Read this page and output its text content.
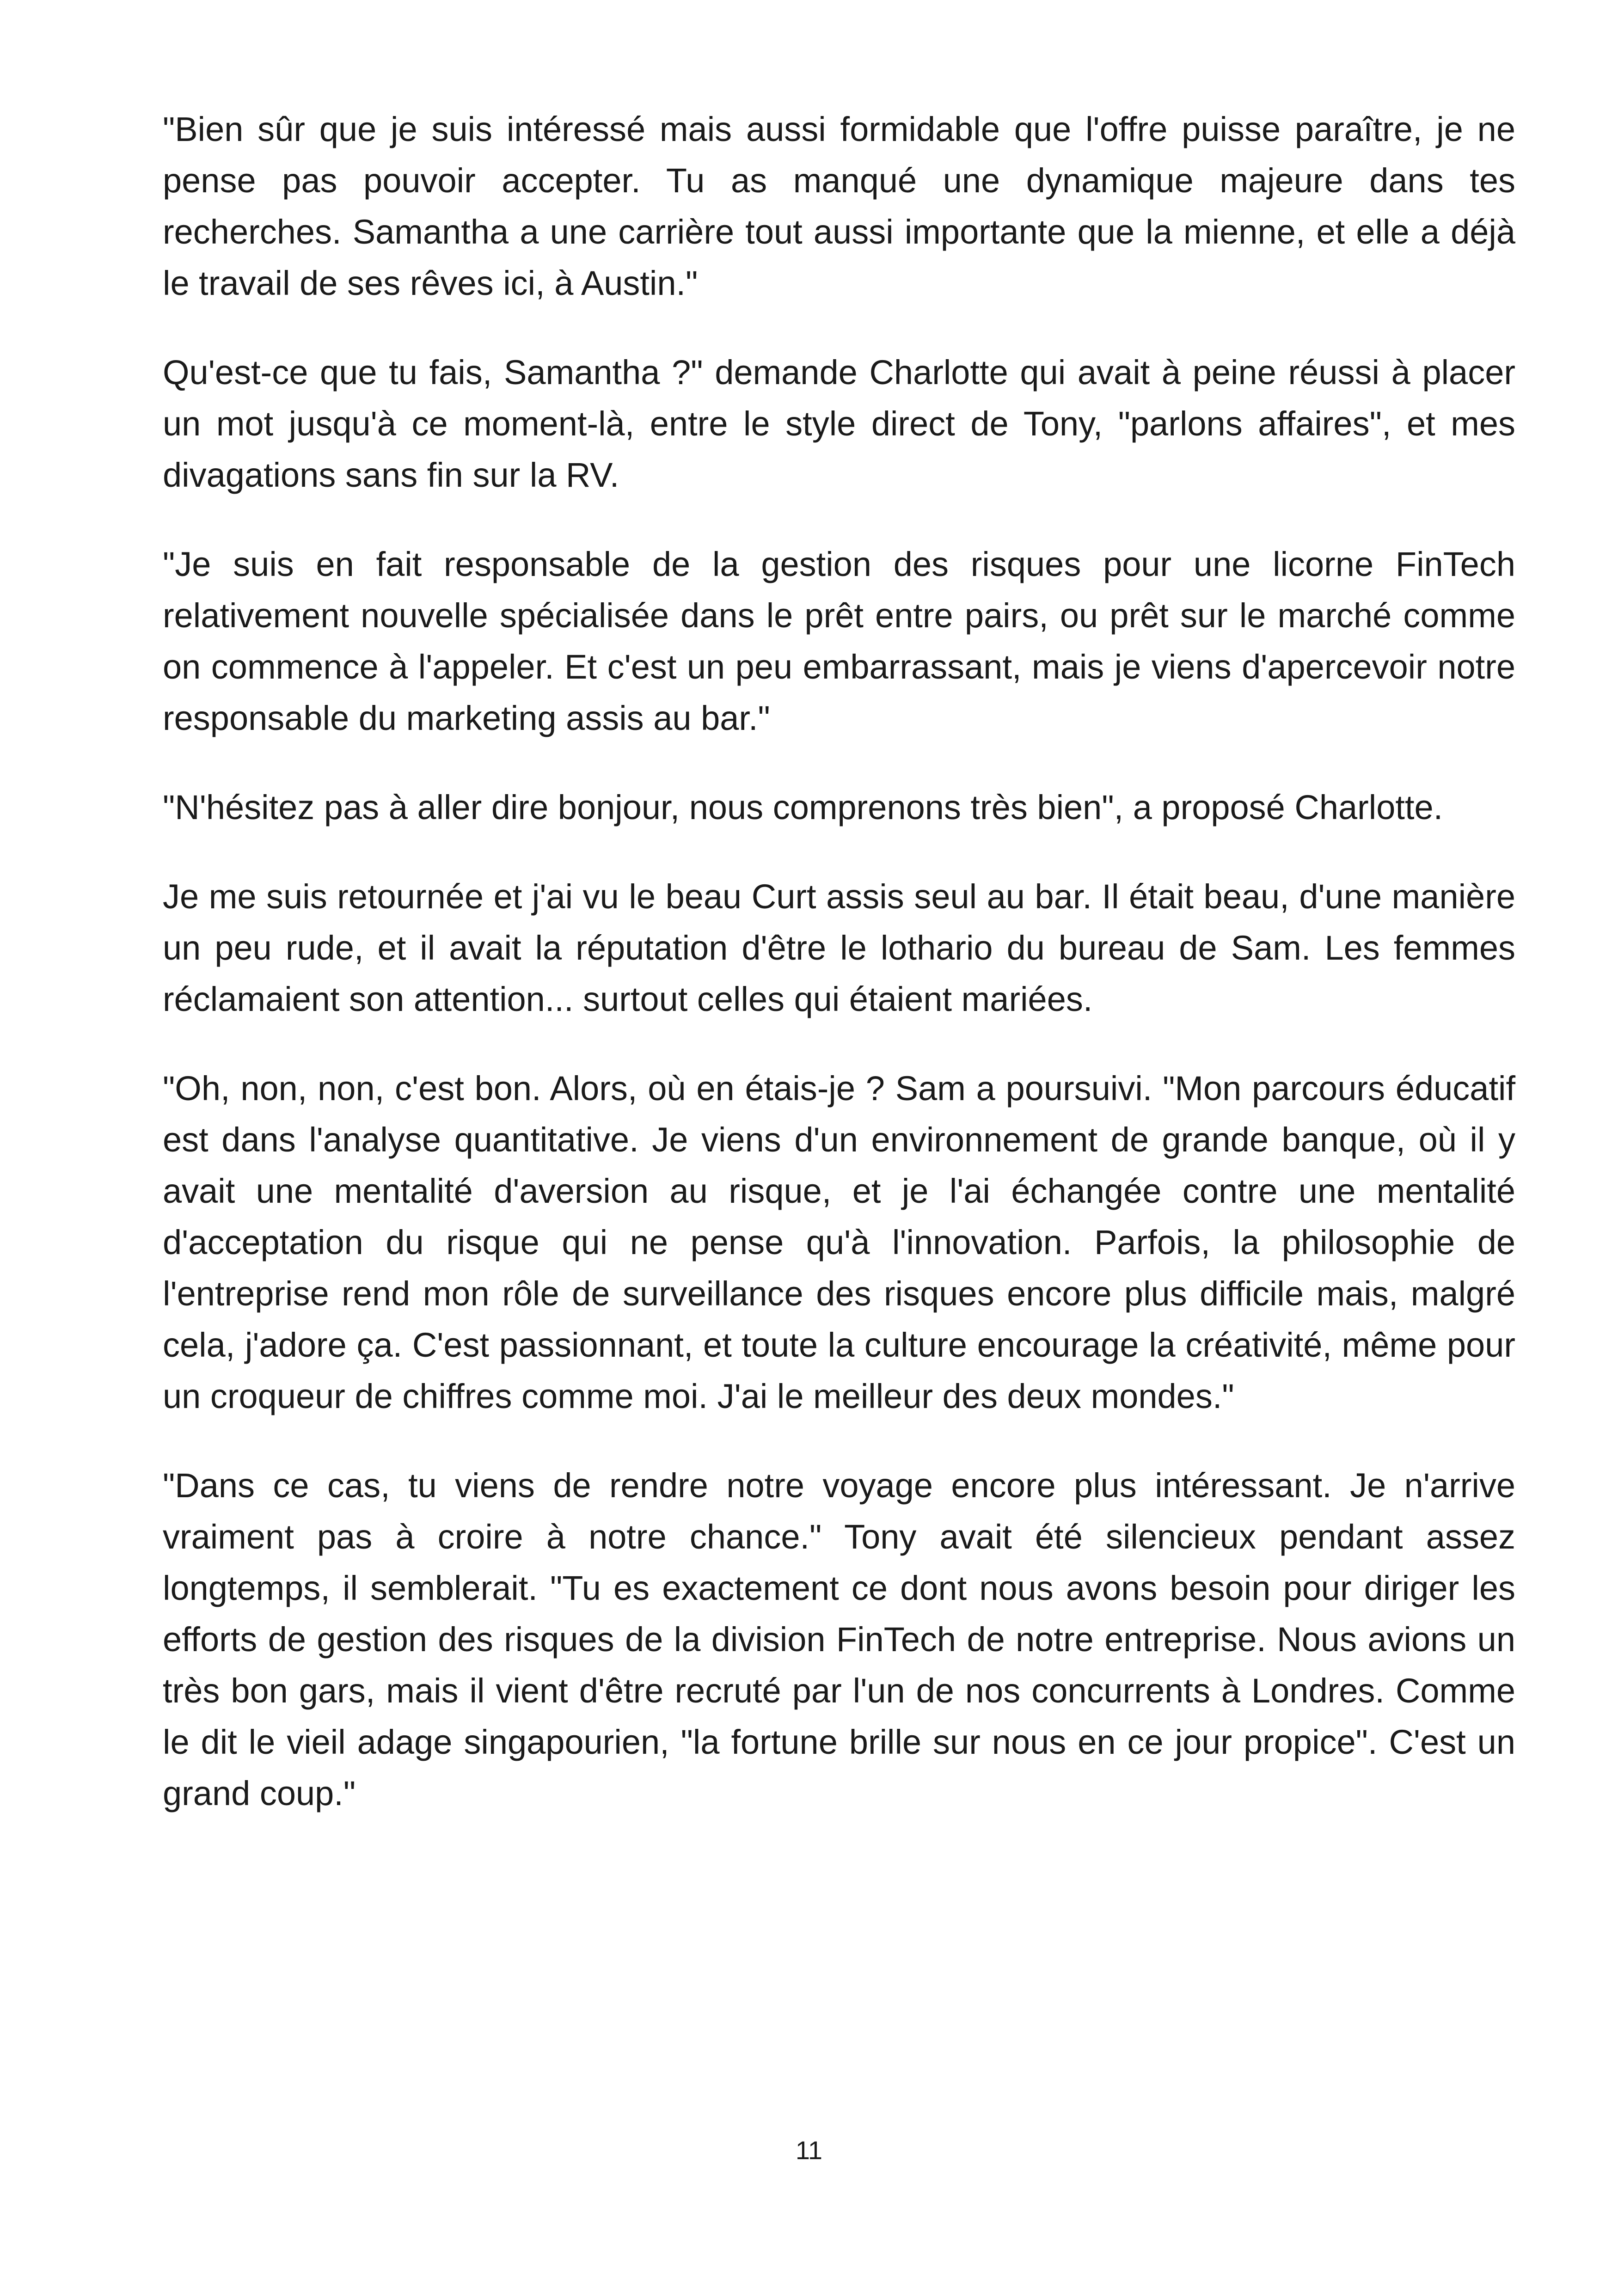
"Bien sûr que je suis intéressé mais aussi formidable que l'offre puisse paraître, je ne pense pas pouvoir accepter. Tu as manqué une dynamique majeure dans tes recherches. Samantha a une carrière tout aussi importante que la mienne, et elle a déjà le travail de ses rêves ici, à Austin."

Qu'est-ce que tu fais, Samantha ?" demande Charlotte qui avait à peine réussi à placer un mot jusqu'à ce moment-là, entre le style direct de Tony, "parlons affaires", et mes divagations sans fin sur la RV.

"Je suis en fait responsable de la gestion des risques pour une licorne FinTech relativement nouvelle spécialisée dans le prêt entre pairs, ou prêt sur le marché comme on commence à l'appeler. Et c'est un peu embarrassant, mais je viens d'apercevoir notre responsable du marketing assis au bar."

"N'hésitez pas à aller dire bonjour, nous comprenons très bien", a proposé Charlotte.

Je me suis retournée et j'ai vu le beau Curt assis seul au bar. Il était beau, d'une manière un peu rude, et il avait la réputation d'être le lothario du bureau de Sam. Les femmes réclamaient son attention... surtout celles qui étaient mariées.

"Oh, non, non, c'est bon. Alors, où en étais-je ? Sam a poursuivi. "Mon parcours éducatif est dans l'analyse quantitative. Je viens d'un environnement de grande banque, où il y avait une mentalité d'aversion au risque, et je l'ai échangée contre une mentalité d'acceptation du risque qui ne pense qu'à l'innovation. Parfois, la philosophie de l'entreprise rend mon rôle de surveillance des risques encore plus difficile mais, malgré cela, j'adore ça. C'est passionnant, et toute la culture encourage la créativité, même pour un croqueur de chiffres comme moi. J'ai le meilleur des deux mondes."

"Dans ce cas, tu viens de rendre notre voyage encore plus intéressant. Je n'arrive vraiment pas à croire à notre chance." Tony avait été silencieux pendant assez longtemps, il semblerait. "Tu es exactement ce dont nous avons besoin pour diriger les efforts de gestion des risques de la division FinTech de notre entreprise. Nous avions un très bon gars, mais il vient d'être recruté par l'un de nos concurrents à Londres. Comme le dit le vieil adage singapourien, "la fortune brille sur nous en ce jour propice". C'est un grand coup."

11
